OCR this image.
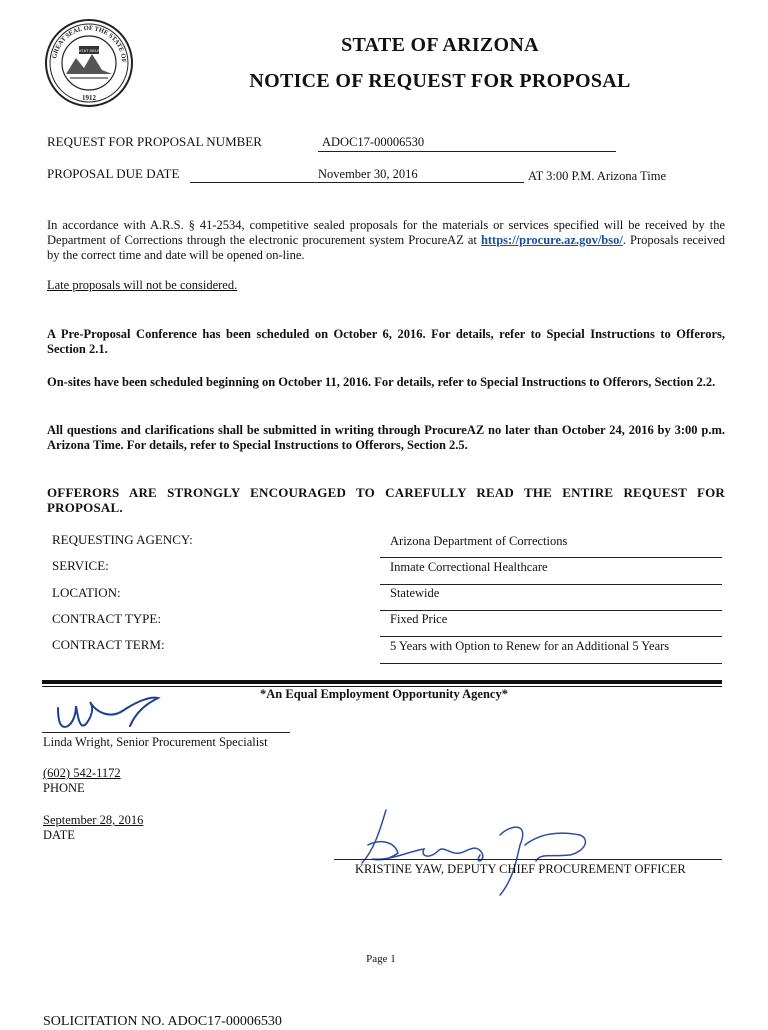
GREAT SEAL OF THE STATE OF
DITAT DEUS
1912
STATE OF ARIZONA
NOTICE OF REQUEST FOR PROPOSAL
REQUEST FOR PROPOSAL NUMBER	ADOC17-00006530
PROPOSAL DUE DATE	November 30, 2016	AT 3:00 P.M. Arizona Time
In accordance with A.R.S. § 41-2534, competitive sealed proposals for the materials or services specified will be received by the Department of Corrections through the electronic procurement system ProcureAZ at https://procure.az.gov/bso/. Proposals received by the correct time and date will be opened on-line.
Late proposals will not be considered.
A Pre-Proposal Conference has been scheduled on October 6, 2016. For details, refer to Special Instructions to Offerors, Section 2.1.
On-sites have been scheduled beginning on October 11, 2016. For details, refer to Special Instructions to Offerors, Section 2.2.
All questions and clarifications shall be submitted in writing through ProcureAZ no later than October 24, 2016 by 3:00 p.m. Arizona Time. For details, refer to Special Instructions to Offerors, Section 2.5.
OFFERORS ARE STRONGLY ENCOURAGED TO CAREFULLY READ THE ENTIRE REQUEST FOR PROPOSAL.
REQUESTING AGENCY:	Arizona Department of Corrections
SERVICE:	Inmate Correctional Healthcare
LOCATION:	Statewide
CONTRACT TYPE:	Fixed Price
CONTRACT TERM:	5 Years with Option to Renew for an Additional 5 Years
*An Equal Employment Opportunity Agency*
Linda Wright, Senior Procurement Specialist
(602) 542-1172
PHONE
September 28, 2016
DATE
KRISTINE YAW, DEPUTY CHIEF PROCUREMENT OFFICER
Page 1
SOLICITATION NO. ADOC17-00006530
